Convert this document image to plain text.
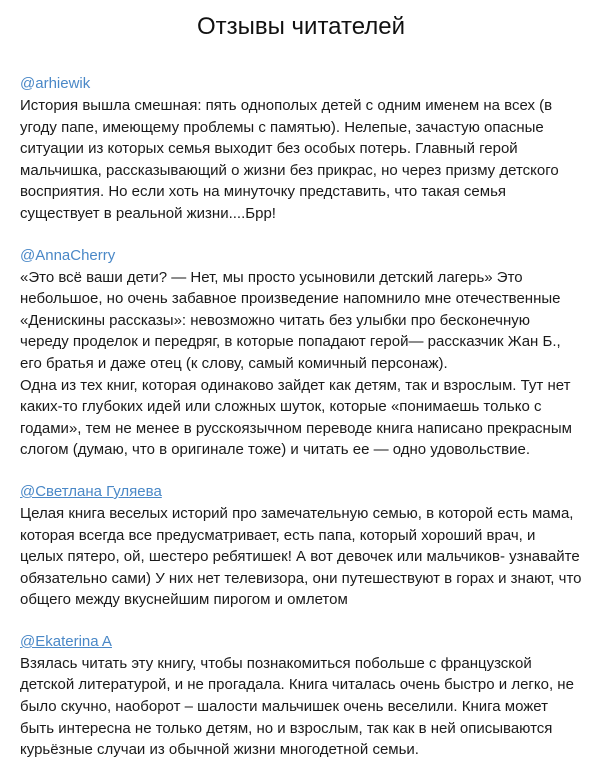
Отзывы читателей
@arhiewik

История вышла смешная: пять однополых детей с одним именем на всех (в угоду папе, имеющему проблемы с памятью). Нелепые, зачастую опасные ситуации из которых семья выходит без особых потерь. Главный герой мальчишка, рассказывающий о жизни без прикрас, но через призму детского восприятия. Но если хоть на минуточку представить, что такая семья существует в реальной жизни....Брр!

@AnnaCherry

«Это всё ваши дети? — Нет, мы просто усыновили детский лагерь» Это небольшое, но очень забавное произведение напомнило мне отечественные «Денискины рассказы»: невозможно читать без улыбки про бесконечную череду проделок и передряг, в которые попадают герой— рассказчик Жан Б., его братья и даже отец (к слову, самый комичный персонаж).

Одна из тех книг, которая одинаково зайдет как детям, так и взрослым. Тут нет каких-то глубоких идей или сложных шуток, которые «понимаешь только с годами», тем не менее в русскоязычном переводе книга написано прекрасным слогом (думаю, что в оригинале тоже) и читать ее — одно удовольствие.

@Светлана Гуляева

Целая книга веселых историй про замечательную семью, в которой есть мама, которая всегда все предусматривает, есть папа, который хороший врач, и целых пятеро, ой, шестеро ребятишек! А вот девочек или мальчиков- узнавайте обязательно сами) У них нет телевизора, они путешествуют в горах и знают, что общего между вкуснейшим пирогом и омлетом

@Ekaterina A

Взялась читать эту книгу, чтобы познакомиться побольше с французской детской литературой, и не прогадала. Книга читалась очень быстро и легко, не было скучно, наоборот – шалости мальчишек очень веселили. Книга может быть интересна не только детям, но и взрослым, так как в ней описываются курьёзные случаи из обычной жизни многодетной семьи.
